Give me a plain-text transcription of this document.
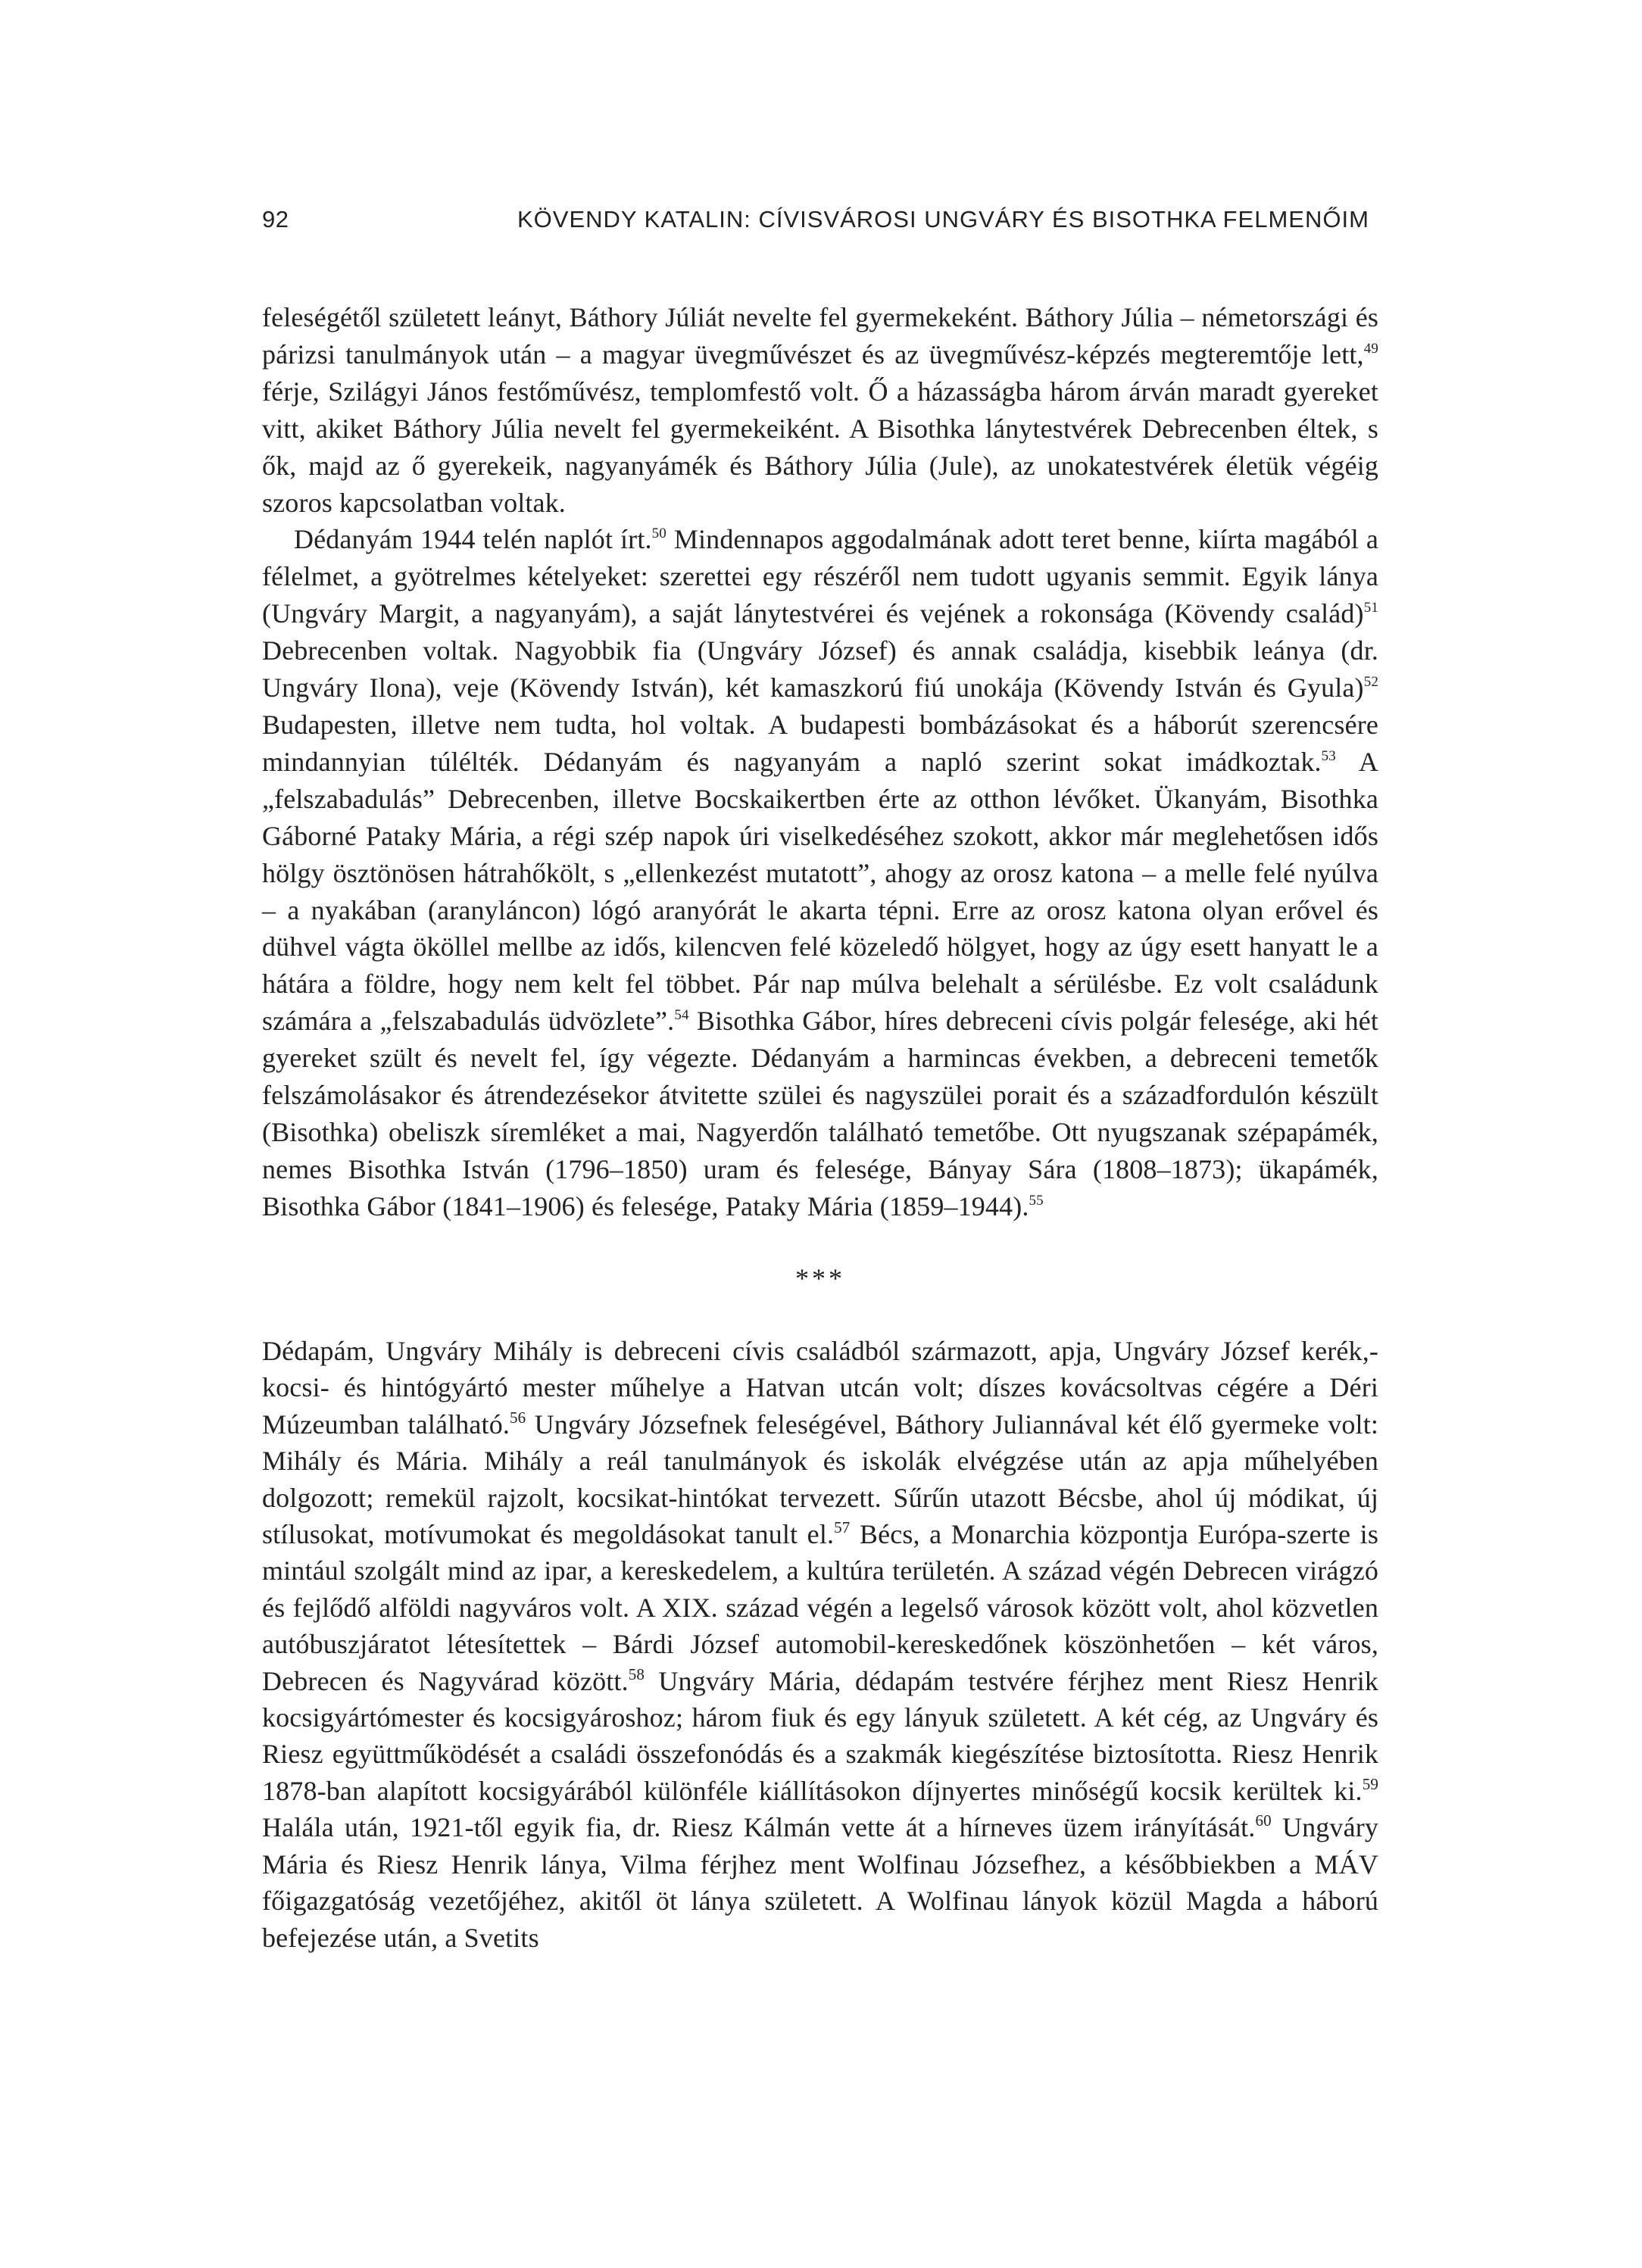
92	KÖVENDY KATALIN: CÍVISVÁROSI UNGVÁRY ÉS BISOTHKA FELMENŐIM

feleségétől született leányt, Báthory Júliát nevelte fel gyermekeként. Báthory Júlia – németországi és párizsi tanulmányok után – a magyar üvegművészet és az üvegművész-képzés megteremtője lett,$^{49}$ férje, Szilágyi János festőművész, templomfestő volt. Ő a házasságba három árván maradt gyereket vitt, akiket Báthory Júlia nevelt fel gyermekeiként. A Bisothka lánytestvérek Debrecenben éltek, s ők, majd az ő gyerekeik, nagyanyámék és Báthory Júlia (Jule), az unokatestvérek életük végéig szoros kapcsolatban voltak.

Dédanyám 1944 telén naplót írt.$^{50}$ Mindennapos aggodalmának adott teret benne, kiírta magából a félelmet, a gyötrelmes kételyeket: szerettei egy részéről nem tudott ugyanis semmit. Egyik lánya (Ungváry Margit, a nagyanyám), a saját lánytestvérei és vejének a rokonsága (Kövendy család)$^{51}$ Debrecenben voltak. Nagyobbik fia (Ungváry József) és annak családja, kisebbik leánya (dr. Ungváry Ilona), veje (Kövendy István), két kamaszkorú fiú unokája (Kövendy István és Gyula)$^{52}$ Budapesten, illetve nem tudta, hol voltak. A budapesti bombázásokat és a háborút szerencsére mindannyian túlélték. Dédanyám és nagyanyám a napló szerint sokat imádkoztak.$^{53}$ A „felszabadulás” Debrecenben, illetve Bocskaikertben érte az otthon lévőket. Ükanyám, Bisothka Gáborné Pataky Mária, a régi szép napok úri viselkedéséhez szokott, akkor már meglehetősen idős hölgy ösztönösen hátrahőkölt, s „ellenkezést mutatott”, ahogy az orosz katona – a melle felé nyúlva – a nyakában (aranyláncon) lógó aranyórát le akarta tépni. Erre az orosz katona olyan erővel és dühvel vágta ököllel mellbe az idős, kilencven felé közeledő hölgyet, hogy az úgy esett hanyatt le a hátára a földre, hogy nem kelt fel többet. Pár nap múlva belehalt a sérülésbe. Ez volt családunk számára a „felszabadulás üdvözlete”.$^{54}$ Bisothka Gábor, híres debreceni cívis polgár felesége, aki hét gyereket szült és nevelt fel, így végezte. Dédanyám a harmincas években, a debreceni temetők felszámolásakor és átrendezésekor átvitette szülei és nagyszülei porait és a századfordulón készült (Bisothka) obeliszk síremléket a mai, Nagyerdőn található temetőbe. Ott nyugszanak szépapámék, nemes Bisothka István (1796–1850) uram és felesége, Bányay Sára (1808–1873); ükapámék, Bisothka Gábor (1841–1906) és felesége, Pataky Mária (1859–1944).$^{55}$

***

Dédapám, Ungváry Mihály is debreceni cívis családból származott, apja, Ungváry József kerék,- kocsi- és hintógyártó mester műhelye a Hatvan utcán volt; díszes kovácsoltvas cégére a Déri Múzeumban található.$^{56}$ Ungváry Józsefnek feleségével, Báthory Juliannával két élő gyermeke volt: Mihály és Mária. Mihály a reál tanulmányok és iskolák elvégzése után az apja műhelyében dolgozott; remekül rajzolt, kocsikat-hintókat tervezett. Sűrűn utazott Bécsbe, ahol új módikat, új stílusokat, motívumokat és megoldásokat tanult el.$^{57}$ Bécs, a Monarchia központja Európa-szerte is mintául szolgált mind az ipar, a kereskedelem, a kultúra területén. A század végén Debrecen virágzó és fejlődő alföldi nagyváros volt. A XIX. század végén a legelső városok között volt, ahol közvetlen autóbuszjáratot létesítettek – Bárdi József automobil-kereskedőnek köszönhetően – két város, Debrecen és Nagyvárad között.$^{58}$ Ungváry Mária, dédapám testvére férjhez ment Riesz Henrik kocsigyártómester és kocsigyároshoz; három fiuk és egy lányuk született. A két cég, az Ungváry és Riesz együttműködését a családi összefonódás és a szakmák kiegészítése biztosította. Riesz Henrik 1878-ban alapított kocsigyárából különféle kiállításokon díjnyertes minőségű kocsik kerültek ki.$^{59}$ Halála után, 1921-től egyik fia, dr. Riesz Kálmán vette át a hírneves üzem irányítását.$^{60}$ Ungváry Mária és Riesz Henrik lánya, Vilma férjhez ment Wolfinau Józsefhez, a későbbiekben a MÁV főigazgatóság vezetőjéhez, akitől öt lánya született. A Wolfinau lányok közül Magda a háború befejezése után, a Svetits
